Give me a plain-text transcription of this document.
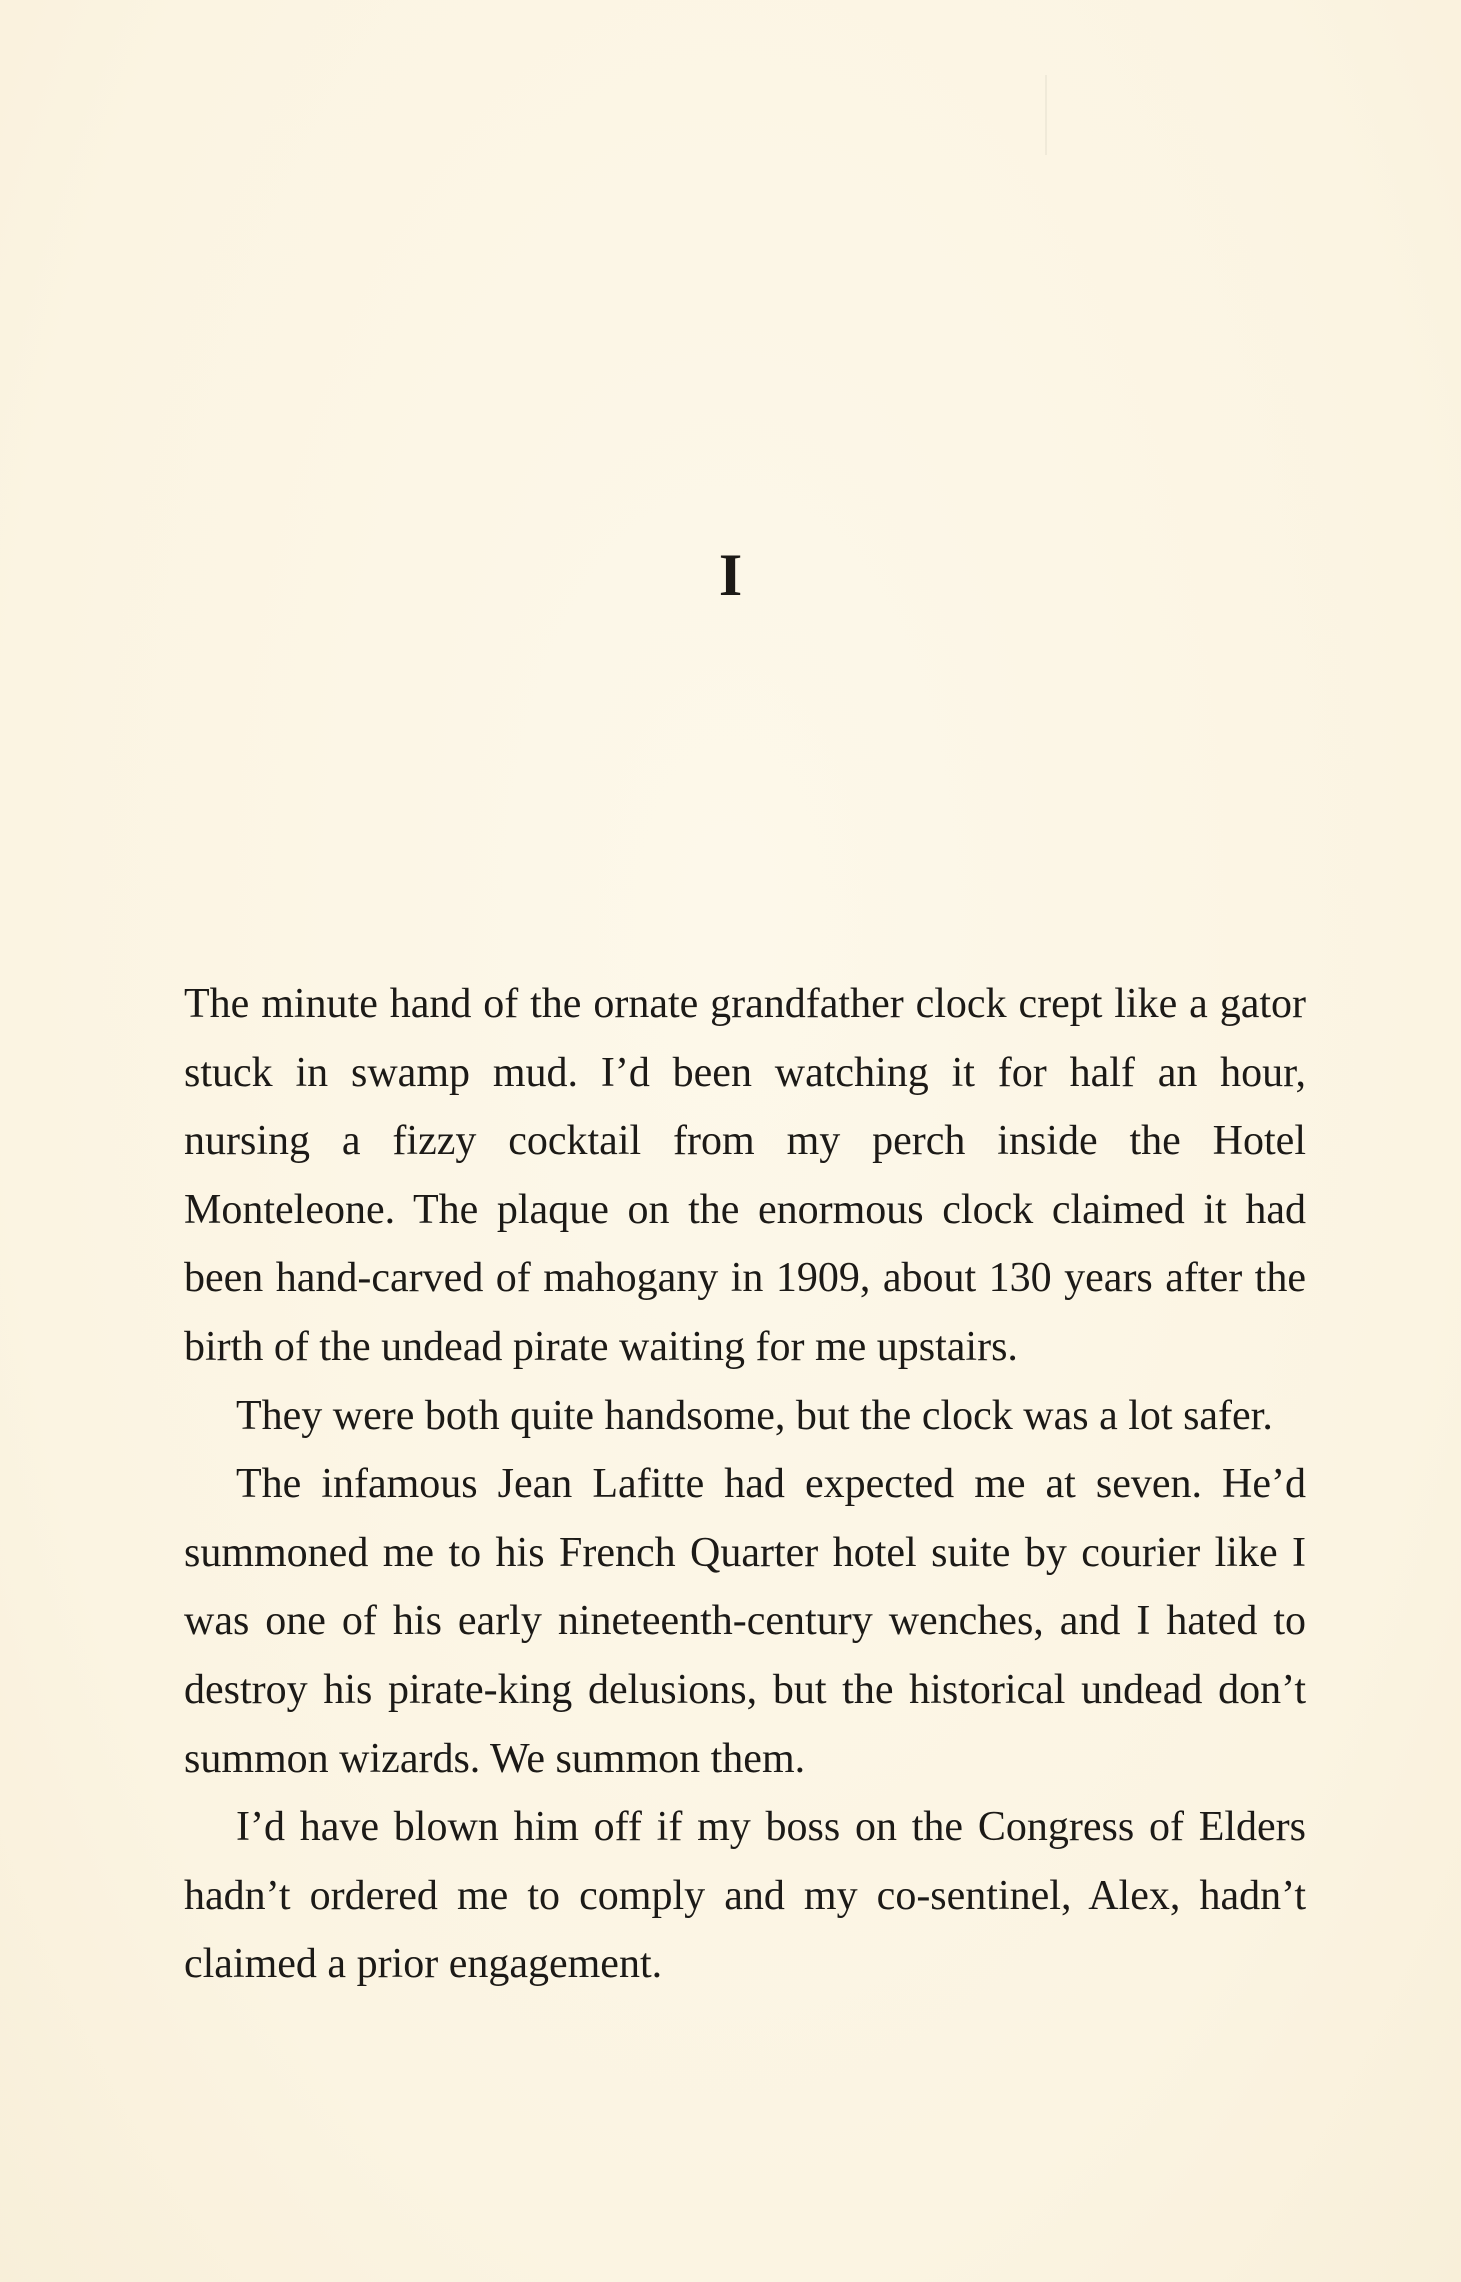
I

The minute hand of the ornate grandfather clock crept like a gator stuck in swamp mud. I’d been watching it for half an hour, nursing a fizzy cocktail from my perch inside the Hotel Monteleone. The plaque on the enormous clock claimed it had been hand-carved of mahogany in 1909, about 130 years after the birth of the undead pirate waiting for me upstairs.

They were both quite handsome, but the clock was a lot safer.

The infamous Jean Lafitte had expected me at seven. He’d summoned me to his French Quarter hotel suite by courier like I was one of his early nineteenth-century wenches, and I hated to destroy his pirate-king delusions, but the historical undead don’t summon wizards. We summon them.

I’d have blown him off if my boss on the Congress of Elders hadn’t ordered me to comply and my co-sentinel, Alex, hadn’t claimed a prior engagement.
